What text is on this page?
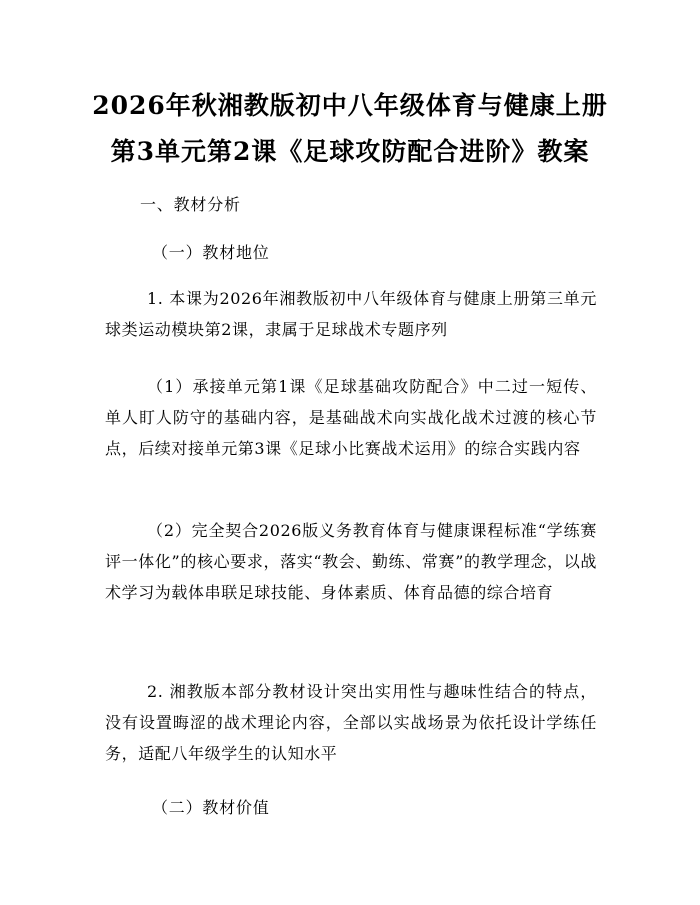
2026年秋湘教版初中八年级体育与健康上册
第3单元第2课《足球攻防配合进阶》教案
一、教材分析
（一）教材地位
1. 本课为2026年湘教版初中八年级体育与健康上册第三单元球类运动模块第2课，隶属于足球战术专题序列
（1）承接单元第1课《足球基础攻防配合》中二过一短传、单人盯人防守的基础内容，是基础战术向实战化战术过渡的核心节点，后续对接单元第3课《足球小比赛战术运用》的综合实践内容
（2）完全契合2026版义务教育体育与健康课程标准“学练赛评一体化”的核心要求，落实“教会、勤练、常赛”的教学理念，以战术学习为载体串联足球技能、身体素质、体育品德的综合培育
2. 湘教版本部分教材设计突出实用性与趣味性结合的特点，没有设置晦涩的战术理论内容，全部以实战场景为依托设计学练任务，适配八年级学生的认知水平
（二）教材价值
